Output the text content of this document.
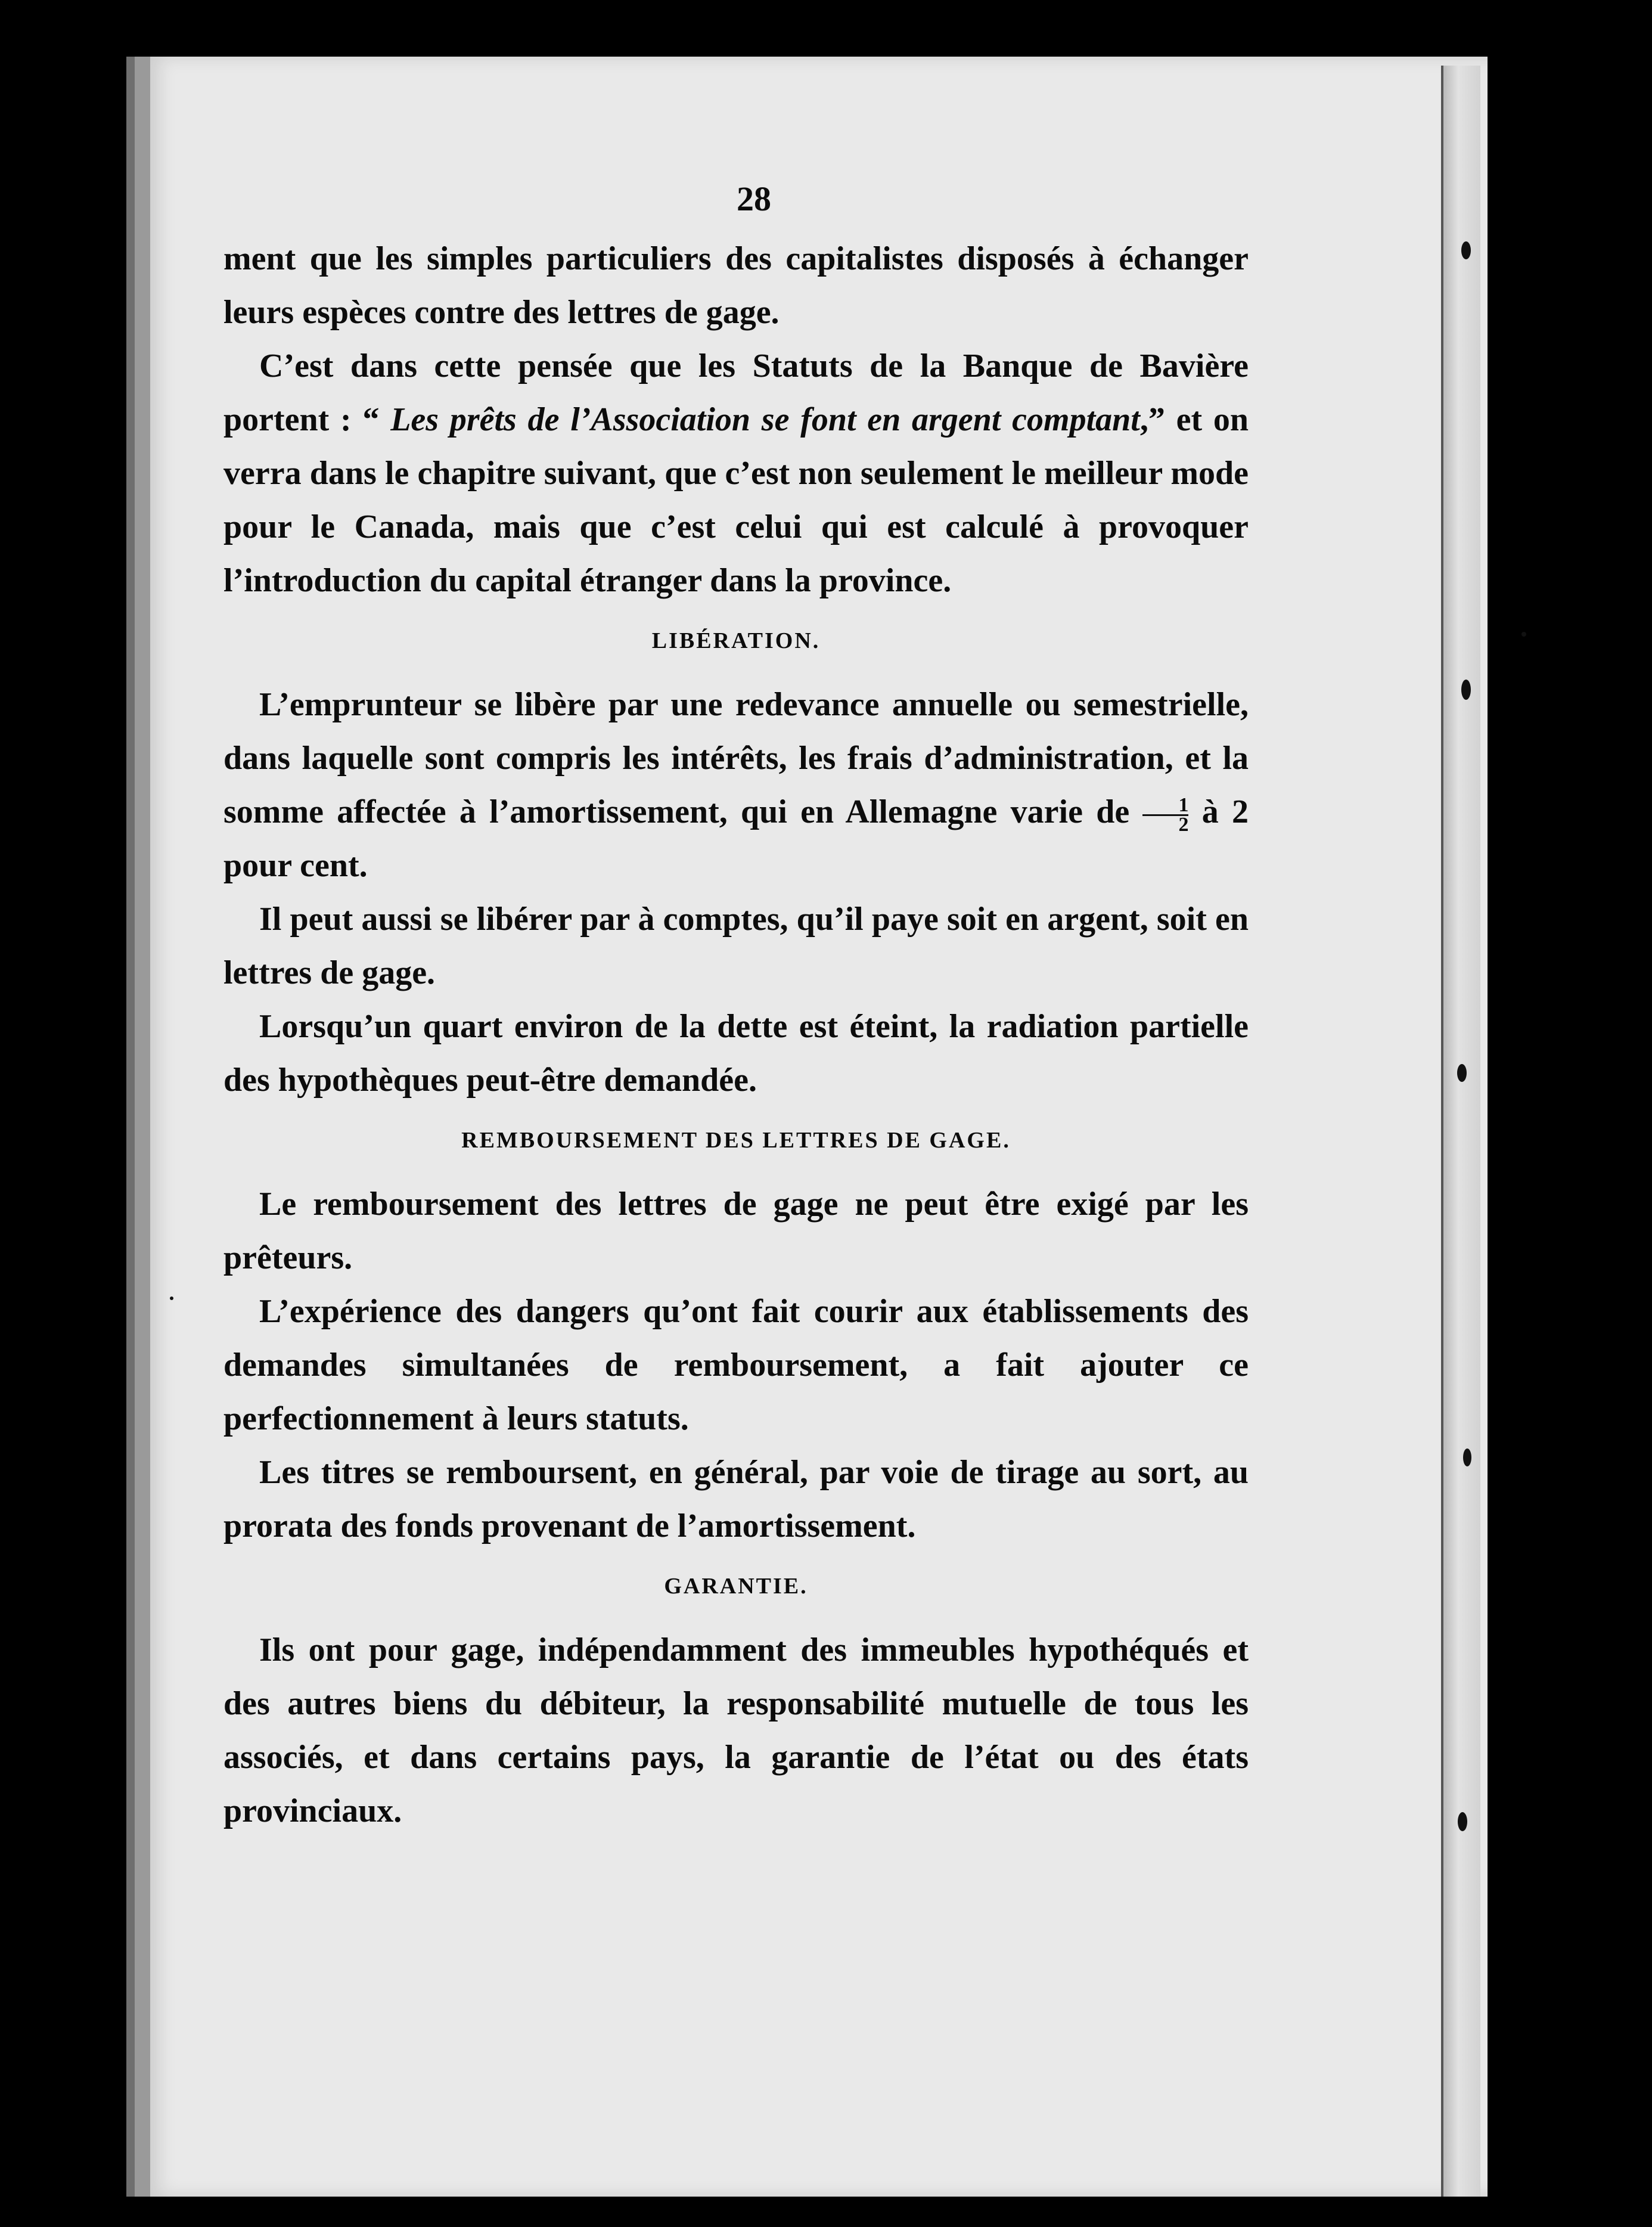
28

ment que les simples particuliers des capitalistes disposés à échanger leurs espèces contre des lettres de gage.

C’est dans cette pensée que les Statuts de la Banque de Bavière portent : “ Les prêts de l’Association se font en argent comptant,” et on verra dans le chapitre suivant, que c’est non seulement le meilleur mode pour le Canada, mais que c’est celui qui est calculé à provoquer l’introduction du capital étranger dans la province.

LIBÉRATION.

L’emprunteur se libère par une redevance annuelle ou semestrielle, dans laquelle sont compris les intérêts, les frais d’administration, et la somme affectée à l’amortissement, qui en Allemagne varie de $\frac{1}{2}$ à 2 pour cent.

Il peut aussi se libérer par à comptes, qu’il paye soit en argent, soit en lettres de gage.

Lorsqu’un quart environ de la dette est éteint, la radiation partielle des hypothèques peut-être demandée.

REMBOURSEMENT DES LETTRES DE GAGE.

Le remboursement des lettres de gage ne peut être exigé par les prêteurs.

L’expérience des dangers qu’ont fait courir aux établissements des demandes simultanées de remboursement, a fait ajouter ce perfectionnement à leurs statuts.

Les titres se remboursent, en général, par voie de tirage au sort, au prorata des fonds provenant de l’amortissement.

GARANTIE.

Ils ont pour gage, indépendamment des immeubles hypothéqués et des autres biens du débiteur, la responsabilité mutuelle de tous les associés, et dans certains pays, la garantie de l’état ou des états provinciaux.
